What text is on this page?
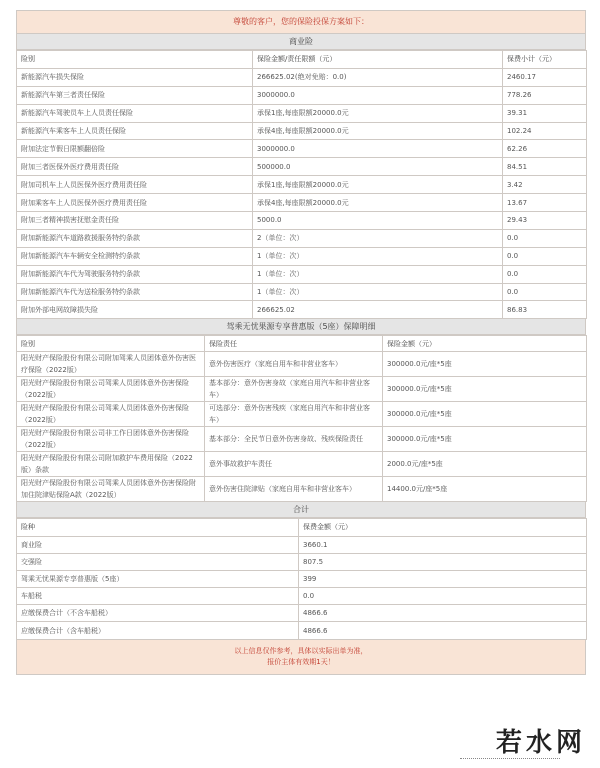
尊敬的客户，您的保险投保方案如下：
商业险
险别	保险金额/责任限额（元）	保费小计（元）
新能源汽车损失保险	266625.02(绝对免赔：0.0)	2460.17
新能源汽车第三者责任保险	3000000.0	778.26
新能源汽车驾驶员车上人员责任保险	承保1座,每座限额20000.0元	39.31
新能源汽车乘客车上人员责任保险	承保4座,每座限额20000.0元	102.24
附加法定节假日限额翻倍险	3000000.0	62.26
附加三者医保外医疗费用责任险	500000.0	84.51
附加司机车上人员医保外医疗费用责任险	承保1座,每座限额20000.0元	3.42
附加乘客车上人员医保外医疗费用责任险	承保4座,每座限额20000.0元	13.67
附加三者精神损害抚慰金责任险	5000.0	29.43
附加新能源汽车道路救援服务特约条款	2（单位：次）	0.0
附加新能源汽车车辆安全检测特约条款	1（单位：次）	0.0
附加新能源汽车代为驾驶服务特约条款	1（单位：次）	0.0
附加新能源汽车代为送检服务特约条款	1（单位：次）	0.0
附加外部电网故障损失险	266625.02	86.83
驾乘无忧果源专享普惠版（5座）保障明细
险别	保险责任	保险金额（元）
阳光财产保险股份有限公司附加驾乘人员团体意外伤害医疗保险（2022版）	意外伤害医疗（家庭自用车和非营业客车）	300000.0元/座*5座
阳光财产保险股份有限公司驾乘人员团体意外伤害保险（2022版）	基本部分：意外伤害身故（家庭自用汽车和非营业客车）	300000.0元/座*5座
阳光财产保险股份有限公司驾乘人员团体意外伤害保险（2022版）	可选部分：意外伤害残疾（家庭自用汽车和非营业客车）	300000.0元/座*5座
阳光财产保险股份有限公司非工作日团体意外伤害保险（2022版）	基本部分：全民节日意外伤害身故、残疾保险责任	300000.0元/座*5座
阳光财产保险股份有限公司附加救护车费用保险（2022版）条款	意外事故救护车责任	2000.0元/座*5座
阳光财产保险股份有限公司驾乘人员团体意外伤害保险附加住院津贴保险A款（2022版）	意外伤害住院津贴（家庭自用车和非营业客车）	14400.0元/座*5座
合计
险种	保费金额（元）
商业险	3660.1
交强险	807.5
驾乘无忧果源专享普惠版（5座）	399
车船税	0.0
应缴保费合计（不含车船税）	4866.6
应缴保费合计（含车船税）	4866.6
以上信息仅作参考，具体以实际出单为准，
报价主体有效期1天！
若水网
